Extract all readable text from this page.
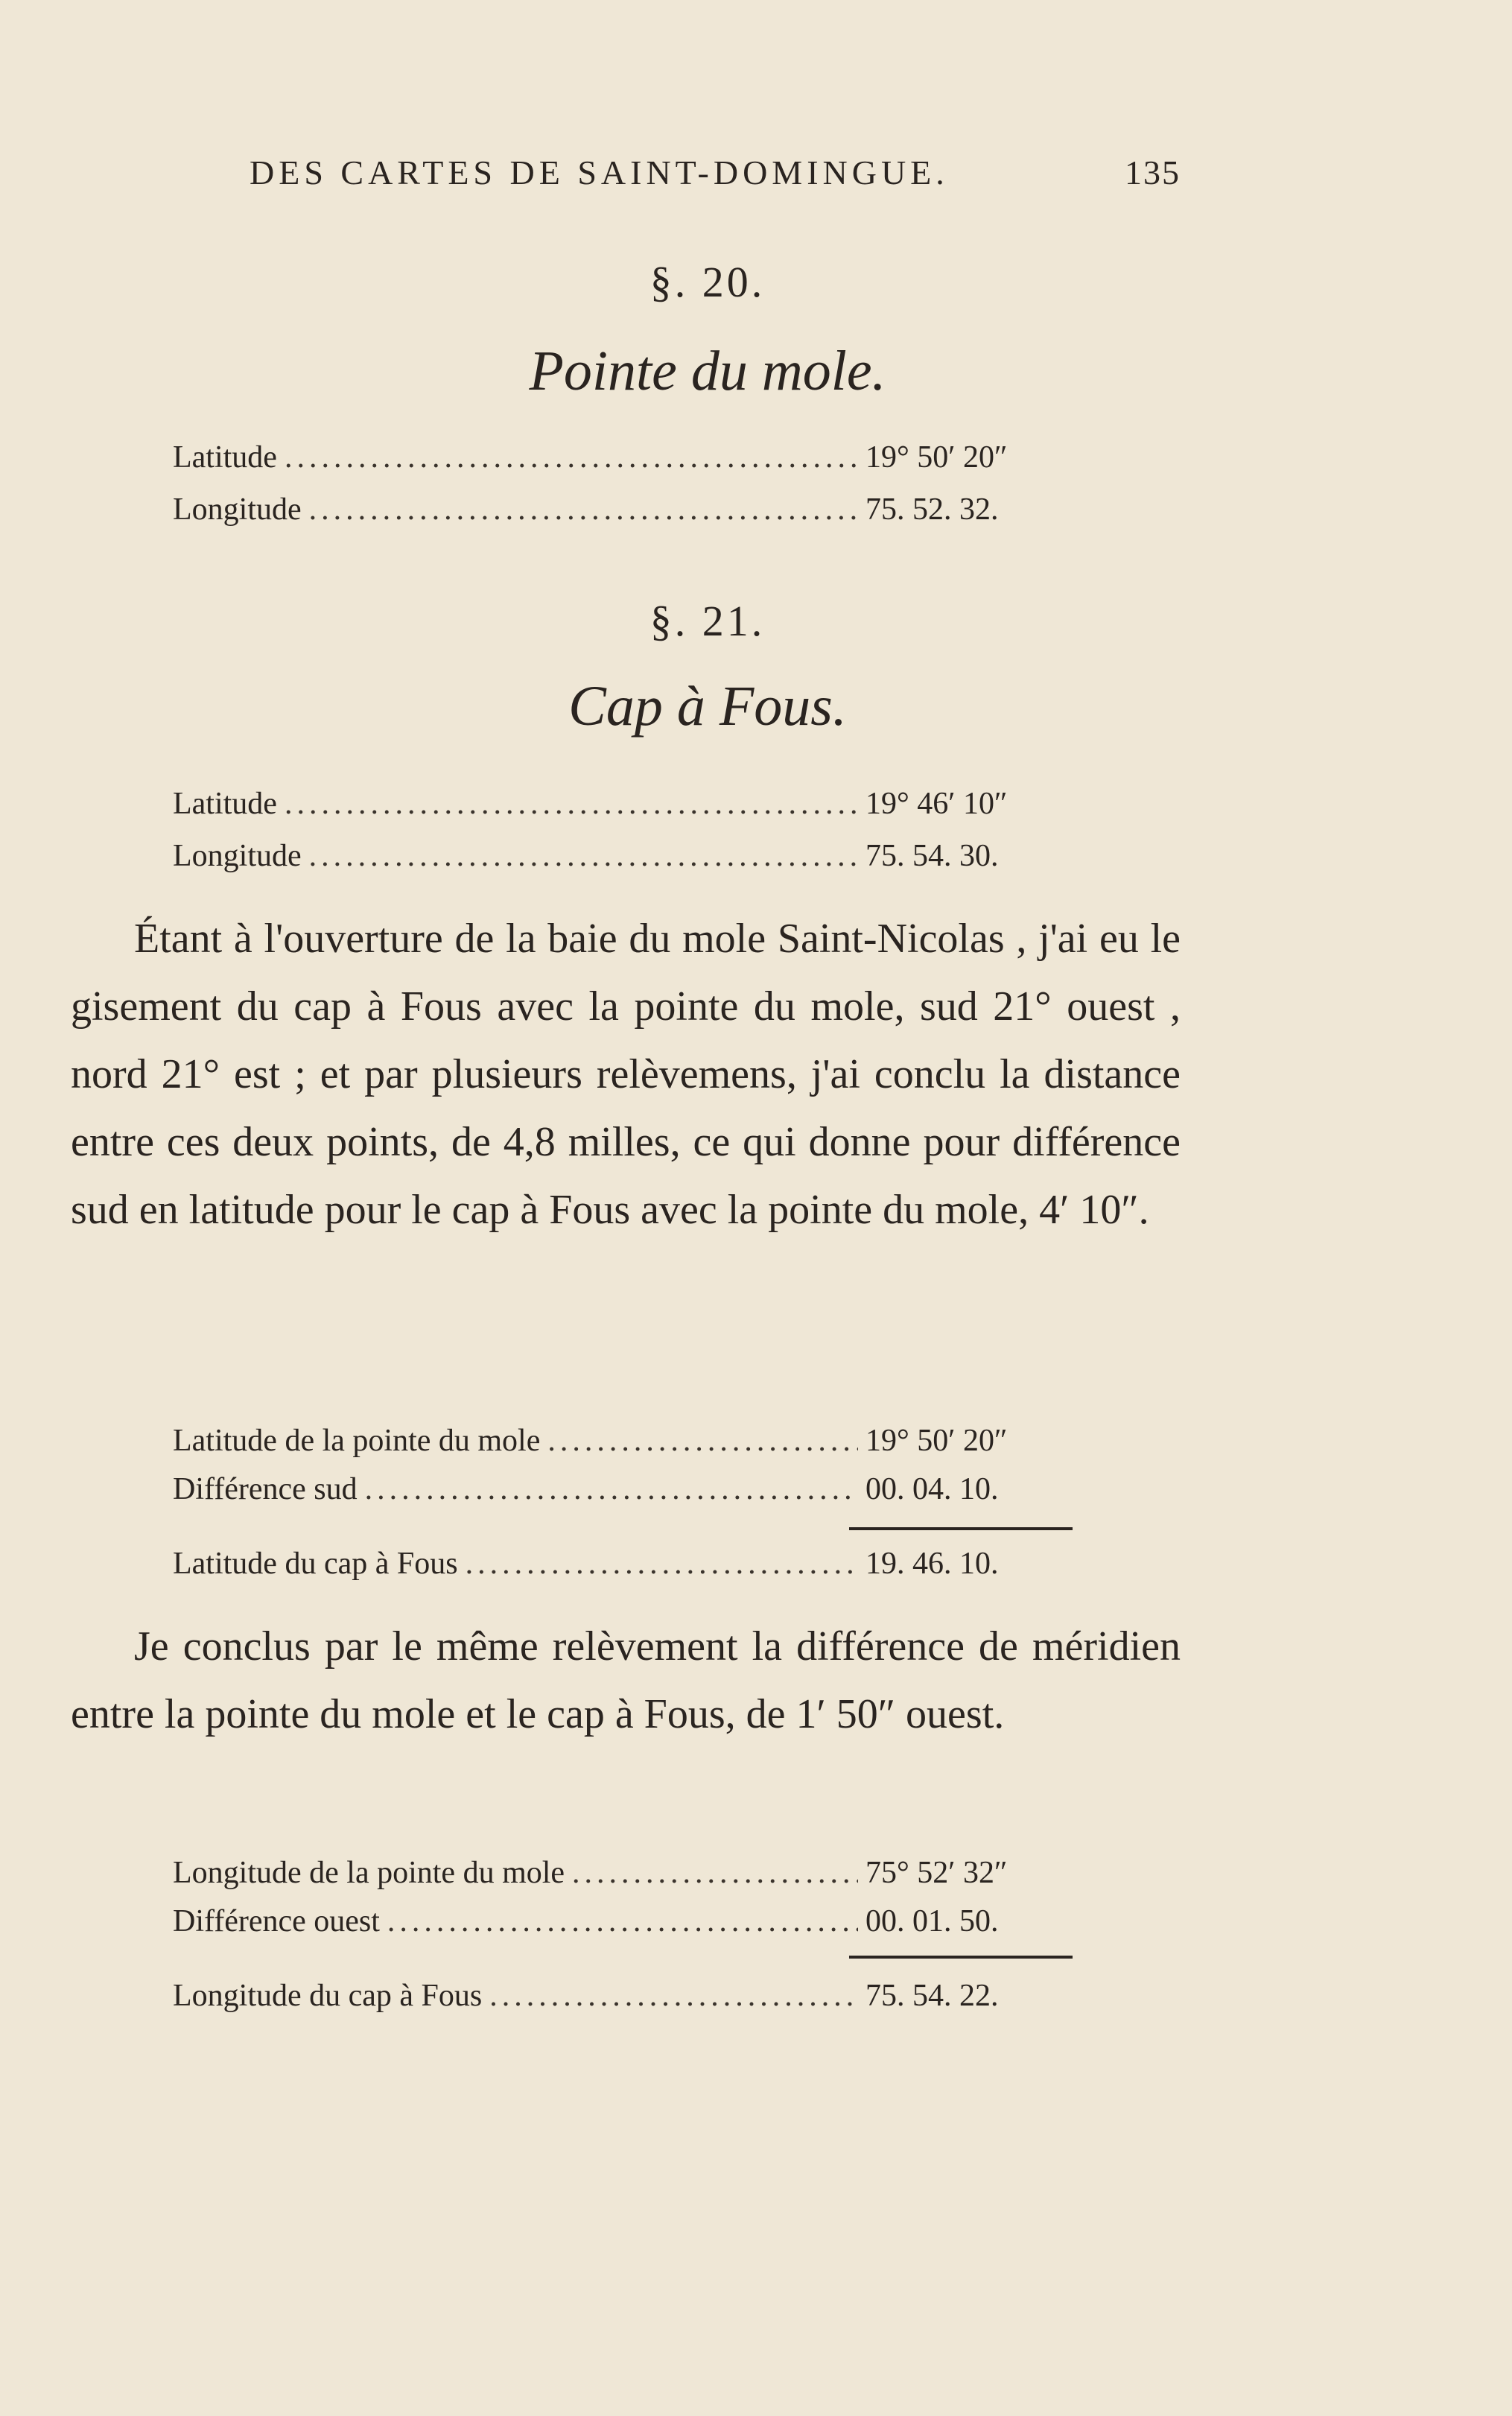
DES CARTES DE SAINT-DOMINGUE.	135
§. 20.
Pointe du mole.
Latitude .....	19° 50′ 20″
Longitude .....	75. 52. 32.
§. 21.
Cap à Fous.
Latitude .....	19° 46′ 10″
Longitude .....	75. 54. 30.
Étant à l'ouverture de la baie du mole Saint-Nicolas , j'ai eu le gisement du cap à Fous avec la pointe du mole, sud 21° ouest , nord 21° est ; et par plusieurs relèvemens, j'ai conclu la distance entre ces deux points, de 4,8 milles, ce qui donne pour différence sud en latitude pour le cap à Fous avec la pointe du mole, 4′ 10″.
Latitude de la pointe du mole .....	19° 50′ 20″
Différence sud .....	00. 04. 10.
Latitude du cap à Fous .....	19. 46. 10.
Je conclus par le même relèvement la différence de méridien entre la pointe du mole et le cap à Fous, de 1′ 50″ ouest.
Longitude de la pointe du mole .....	75° 52′ 32″
Différence ouest .....	00. 01. 50.
Longitude du cap à Fous .....	75. 54. 22.
